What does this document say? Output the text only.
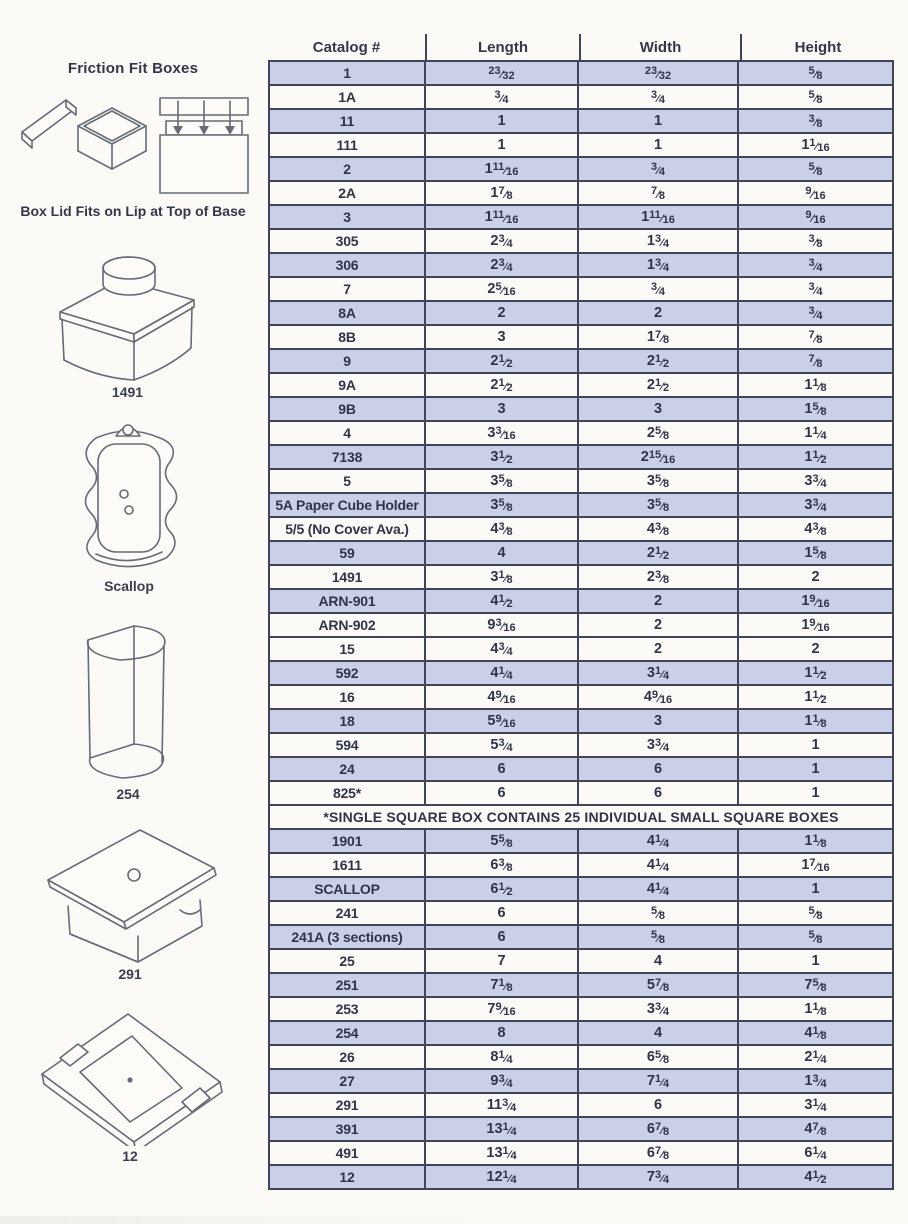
Friction Fit Boxes
Box Lid Fits on Lip at Top of Base
1491
Scallop
254
291
12
Catalog #	Length	Width	Height
1	23⁄32	23⁄32	5⁄8
1A	3⁄4	3⁄4	5⁄8
11	1	1	3⁄8
111	1	1	1 1⁄16
2	1 11⁄16	3⁄4	5⁄8
2A	1 7⁄8	7⁄8	9⁄16
3	1 11⁄16	1 11⁄16	9⁄16
305	2 3⁄4	1 3⁄4	3⁄8
306	2 3⁄4	1 3⁄4	3⁄4
7	2 5⁄16	3⁄4	3⁄4
8A	2	2	3⁄4
8B	3	1 7⁄8	7⁄8
9	2 1⁄2	2 1⁄2	7⁄8
9A	2 1⁄2	2 1⁄2	1 1⁄8
9B	3	3	1 5⁄8
4	3 3⁄16	2 5⁄8	1 1⁄4
7138	3 1⁄2	2 15⁄16	1 1⁄2
5	3 5⁄8	3 5⁄8	3 3⁄4
5A Paper Cube Holder	3 5⁄8	3 5⁄8	3 3⁄4
5/5 (No Cover Ava.)	4 3⁄8	4 3⁄8	4 3⁄8
59	4	2 1⁄2	1 5⁄8
1491	3 1⁄8	2 3⁄8	2
ARN-901	4 1⁄2	2	1 9⁄16
ARN-902	9 3⁄16	2	1 9⁄16
15	4 3⁄4	2	2
592	4 1⁄4	3 1⁄4	1 1⁄2
16	4 9⁄16	4 9⁄16	1 1⁄2
18	5 9⁄16	3	1 1⁄8
594	5 3⁄4	3 3⁄4	1
24	6	6	1
825*	6	6	1
*SINGLE SQUARE BOX CONTAINS 25 INDIVIDUAL SMALL SQUARE BOXES
1901	5 5⁄8	4 1⁄4	1 1⁄8
1611	6 3⁄8	4 1⁄4	1 7⁄16
SCALLOP	6 1⁄2	4 1⁄4	1
241	6	5⁄8	5⁄8
241A (3 sections)	6	5⁄8	5⁄8
25	7	4	1
251	7 1⁄8	5 7⁄8	7 5⁄8
253	7 9⁄16	3 3⁄4	1 1⁄8
254	8	4	4 1⁄8
26	8 1⁄4	6 5⁄8	2 1⁄4
27	9 3⁄4	7 1⁄4	1 3⁄4
291	11 3⁄4	6	3 1⁄4
391	13 1⁄4	6 7⁄8	4 7⁄8
491	13 1⁄4	6 7⁄8	6 1⁄4
12	12 1⁄4	7 3⁄4	4 1⁄2
